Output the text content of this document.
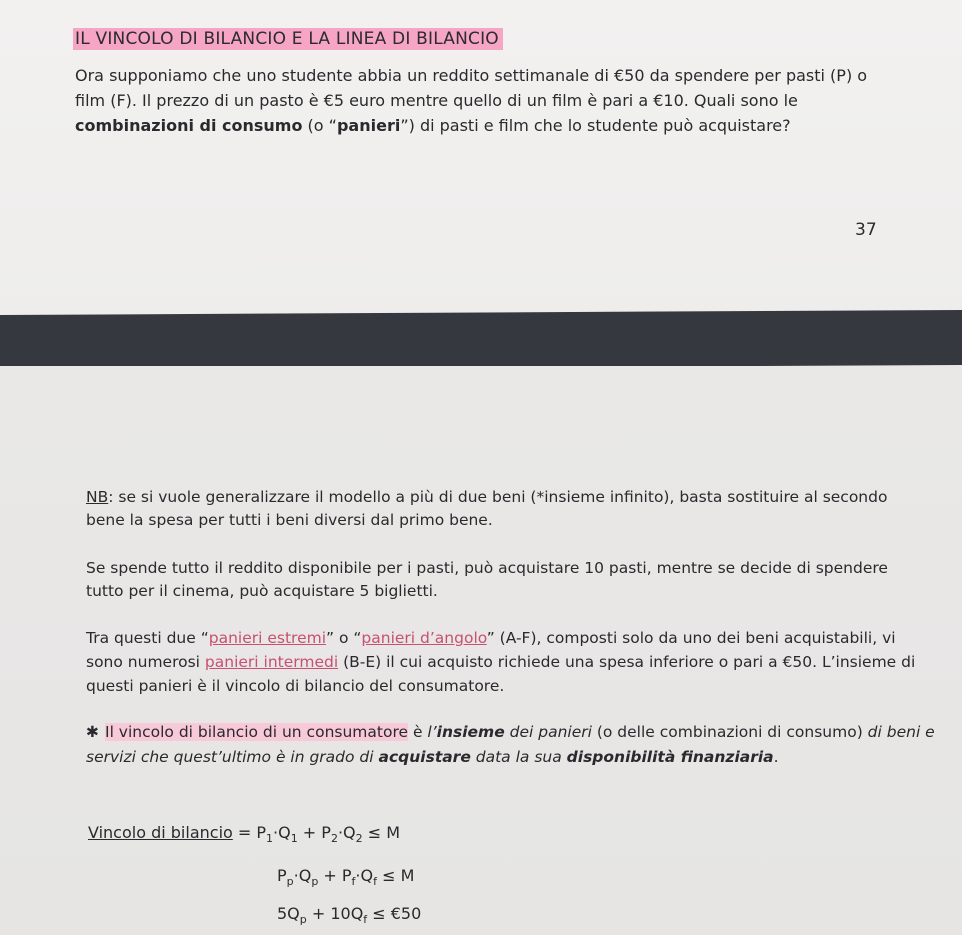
IL VINCOLO DI BILANCIO E LA LINEA DI BILANCIO

Ora supponiamo che uno studente abbia un reddito settimanale di €50 da spendere per pasti (P) o film (F). Il prezzo di un pasto è €5 euro mentre quello di un film è pari a €10. Quali sono le combinazioni di consumo (o “panieri”) di pasti e film che lo studente può acquistare?

37

NB: se si vuole generalizzare il modello a più di due beni (*insieme infinito), basta sostituire al secondo bene la spesa per tutti i beni diversi dal primo bene.

Se spende tutto il reddito disponibile per i pasti, può acquistare 10 pasti, mentre se decide di spendere tutto per il cinema, può acquistare 5 biglietti.

Tra questi due “panieri estremi” o “panieri d’angolo” (A-F), composti solo da uno dei beni acquistabili, vi sono numerosi panieri intermedi (B-E) il cui acquisto richiede una spesa inferiore o pari a €50. L’insieme di questi panieri è il vincolo di bilancio del consumatore.

✱ Il vincolo di bilancio di un consumatore è l’insieme dei panieri (o delle combinazioni di consumo) di beni e servizi che quest’ultimo è in grado di acquistare data la sua disponibilità finanziaria.

Vincolo di bilancio = $P_1\cdot Q_1 + P_2\cdot Q_2 \le M$
$P_p\cdot Q_p + P_f\cdot Q_f \le M$
$5Q_p + 10Q_f$ ≤ €50
